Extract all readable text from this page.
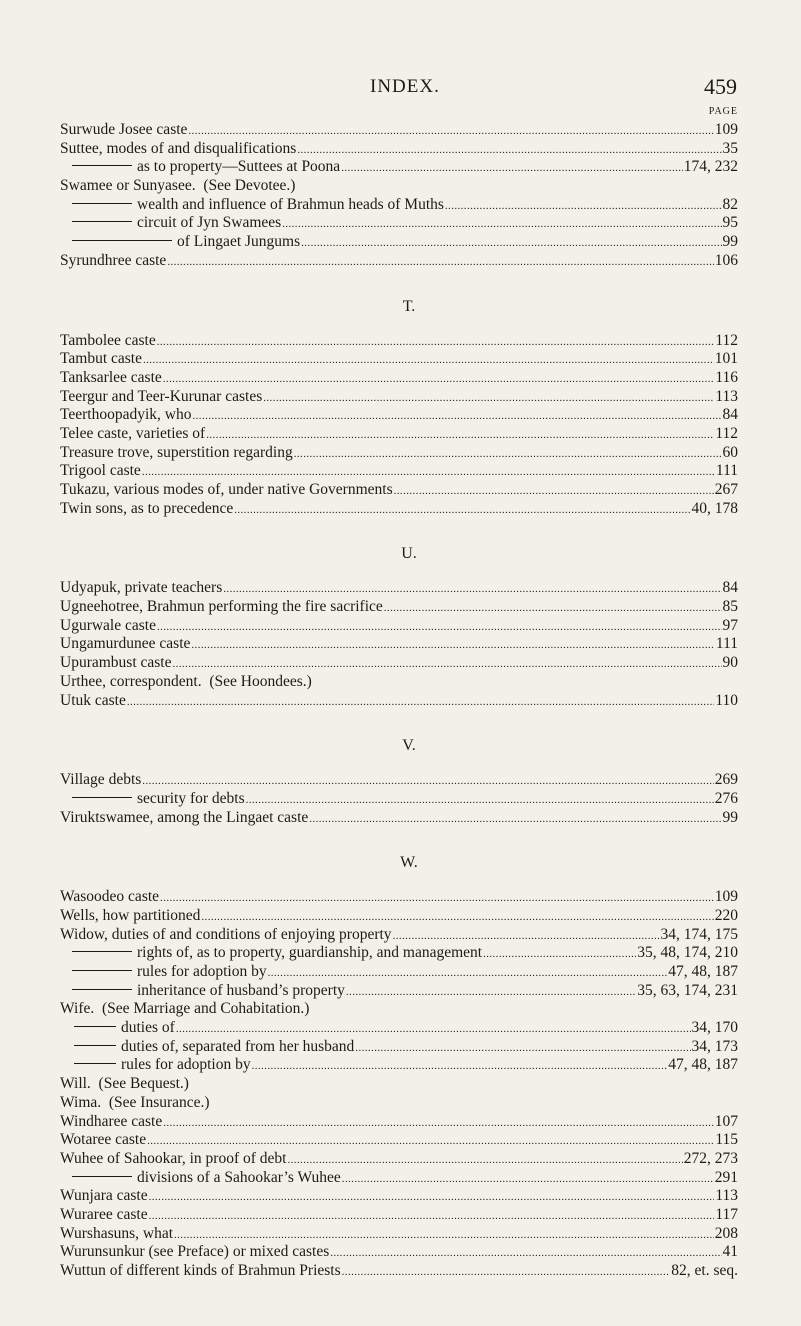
INDEX.	459
PAGE
Surwude Josee caste .....	109
Suttee, modes of and disqualifications .....	35
as to property—Suttees at Poona .....	174, 232
Swamee or Sunyasee.  (See Devotee.)
wealth and influence of Brahmun heads of Muths .....	82
circuit of Jyn Swamees .....	95
of Lingaet Jungums .....	99
Syrundhree caste .....	106
T.
Tambolee caste .....	112
Tambut caste .....	101
Tanksarlee caste .....	116
Teergur and Teer-Kurunar castes .....	113
Teerthoopadyik, who .....	84
Telee caste, varieties of .....	112
Treasure trove, superstition regarding .....	60
Trigool caste .....	111
Tukazu, various modes of, under native Governments .....	267
Twin sons, as to precedence .....	40, 178
U.
Udyapuk, private teachers .....	84
Ugneehotree, Brahmun performing the fire sacrifice .....	85
Ugurwale caste .....	97
Ungamurdunee caste .....	111
Upurambust caste .....	90
Urthee, correspondent.  (See Hoondees.)
Utuk caste .....	110
V.
Village debts .....	269
security for debts .....	276
Viruktswamee, among the Lingaet caste .....	99
W.
Wasoodeo caste .....	109
Wells, how partitioned .....	220
Widow, duties of and conditions of enjoying property .....	34, 174, 175
rights of, as to property, guardianship, and management .....	35, 48, 174, 210
rules for adoption by .....	47, 48, 187
inheritance of husband’s property .....	35, 63, 174, 231
Wife.  (See Marriage and Cohabitation.)
duties of .....	34, 170
duties of, separated from her husband .....	34, 173
rules for adoption by .....	47, 48, 187
Will.  (See Bequest.)
Wima.  (See Insurance.)
Windharee caste .....	107
Wotaree caste .....	115
Wuhee of Sahookar, in proof of debt .....	272, 273
divisions of a Sahookar’s Wuhee .....	291
Wunjara caste .....	113
Wuraree caste .....	117
Wurshasuns, what .....	208
Wurunsunkur (see Preface) or mixed castes .....	41
Wuttun of different kinds of Brahmun Priests .....	82, et. seq.
